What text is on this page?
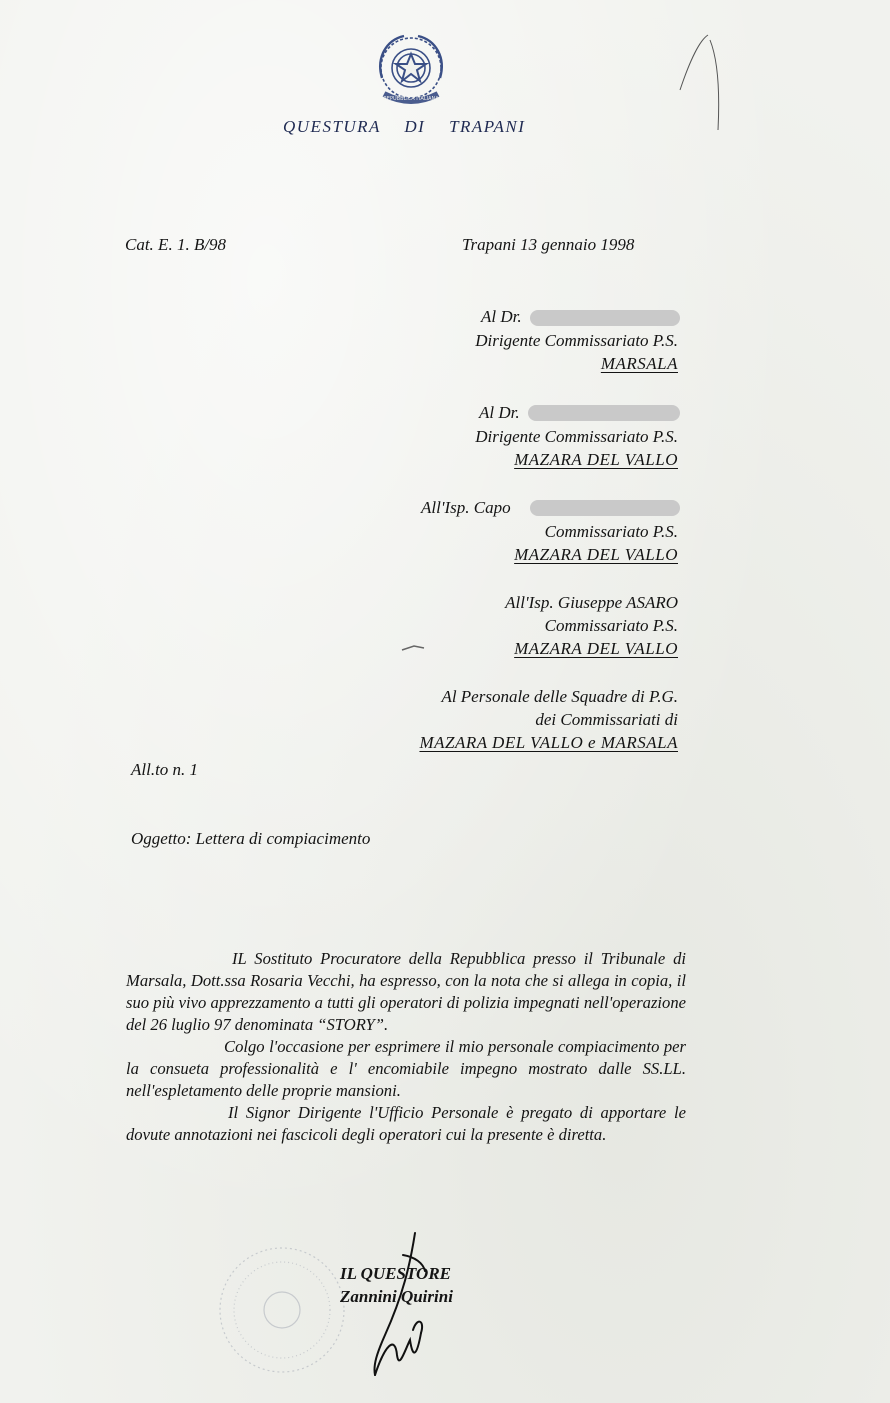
REPUBBLICA ITALIANA
QUESTURA DI TRAPANI
Cat. E. 1. B/98	Trapani 13 gennaio 1998
Al Dr.
Dirigente Commissariato P.S.
MARSALA
Al Dr.
Dirigente Commissariato P.S.
MAZARA DEL VALLO
All'Isp. Capo
Commissariato P.S.
MAZARA DEL VALLO
All'Isp. Giuseppe ASARO
Commissariato P.S.
MAZARA DEL VALLO
Al Personale delle Squadre di P.G.
dei Commissariati di
MAZARA DEL VALLO e MARSALA
All.to n. 1
Oggetto: Lettera di compiacimento

IL Sostituto Procuratore della Repubblica presso il Tribunale di Marsala, Dott.ssa Rosaria Vecchi, ha espresso, con la nota che si allega in copia, il suo più vivo apprezzamento a tutti gli operatori di polizia impegnati nell'operazione del 26 luglio 97 denominata “STORY”.

Colgo l'occasione per esprimere il mio personale compiacimento per la consueta professionalità e l' encomiabile impegno mostrato dalle SS.LL. nell'espletamento delle proprie mansioni.

Il Signor Dirigente l'Ufficio Personale è pregato di apportare le dovute annotazioni nei fascicoli degli operatori cui la presente è diretta.

IL QUESTORE
Zannini Quirini
